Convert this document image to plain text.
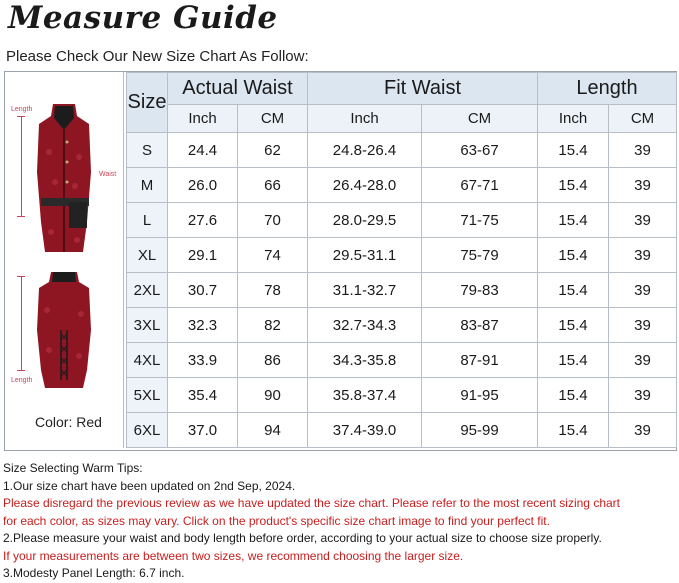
Measure Guide
Please Check Our New Size Chart As Follow:
Length
Waist
Length
Color: Red
Size	Actual Waist		Fit Waist		Length	
	Inch	CM	Inch	CM	Inch	CM
S	24.4	62	24.8-26.4	63-67	15.4	39
M	26.0	66	26.4-28.0	67-71	15.4	39
L	27.6	70	28.0-29.5	71-75	15.4	39
XL	29.1	74	29.5-31.1	75-79	15.4	39
2XL	30.7	78	31.1-32.7	79-83	15.4	39
3XL	32.3	82	32.7-34.3	83-87	15.4	39
4XL	33.9	86	34.3-35.8	87-91	15.4	39
5XL	35.4	90	35.8-37.4	91-95	15.4	39
6XL	37.0	94	37.4-39.0	95-99	15.4	39
Size Selecting Warm Tips:
1.Our size chart have been updated on 2nd Sep, 2024.
Please disregard the previous review as we have updated the size chart. Please refer to the most recent sizing chart
for each color, as sizes may vary. Click on the product's specific size chart image to find your perfect fit.
2.Please measure your waist and body length before order, according to your actual size to choose size properly.
If your measurements are between two sizes, we recommend choosing the larger size.
3.Modesty Panel Length: 6.7 inch.
